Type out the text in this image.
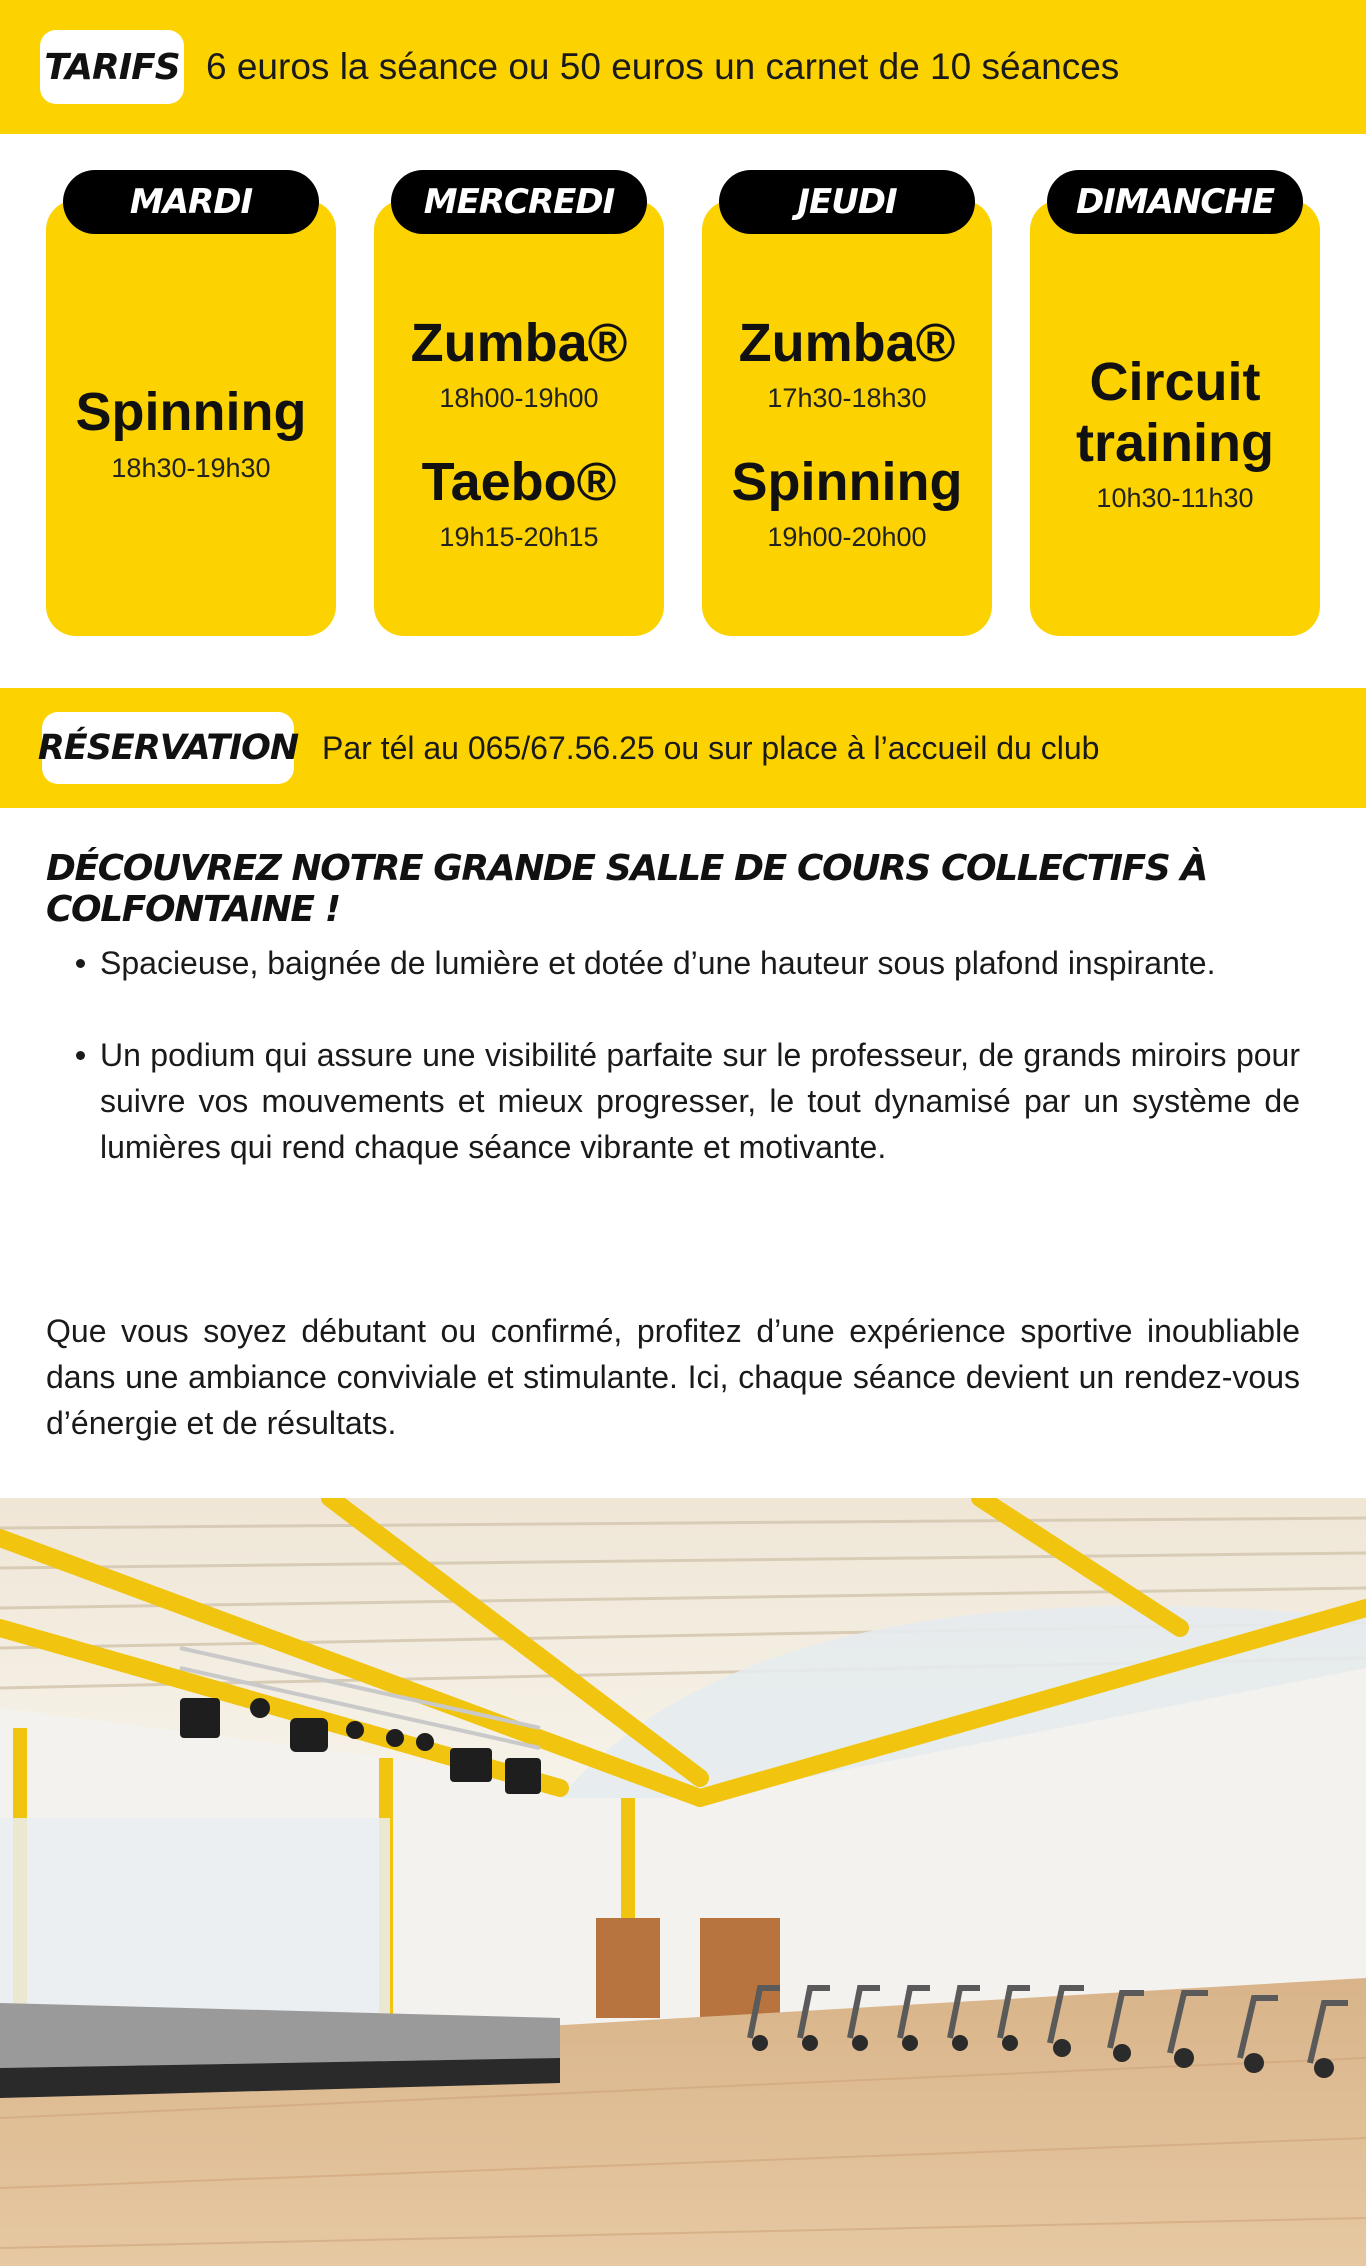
TARIFS 6 euros la séance ou 50 euros un carnet de 10 séances
Spinning
18h30-19h30
MARDI
Zumba®
18h00-19h00
Taebo®
19h15-20h15
MERCREDI
Zumba®
17h30-18h30
Spinning
19h00-20h00
JEUDI
Circuit training
10h30-11h30
DIMANCHE
RÉSERVATION Par tél au 065/67.56.25 ou sur place à l’accueil du club
DÉCOUVREZ NOTRE GRANDE SALLE DE COURS COLLECTIFS À COLFONTAINE !
Spacieuse, baignée de lumière et dotée d’une hauteur sous plafond inspirante.
Un podium qui assure une visibilité parfaite sur le professeur, de grands miroirs pour suivre vos mouvements et mieux progresser, le tout dynamisé par un système de lumières qui rend chaque séance vibrante et motivante.
Que vous soyez débutant ou confirmé, profitez d’une expérience sportive inoubliable dans une ambiance conviviale et stimulante. Ici, chaque séance devient un rendez-vous d’énergie et de résultats.
